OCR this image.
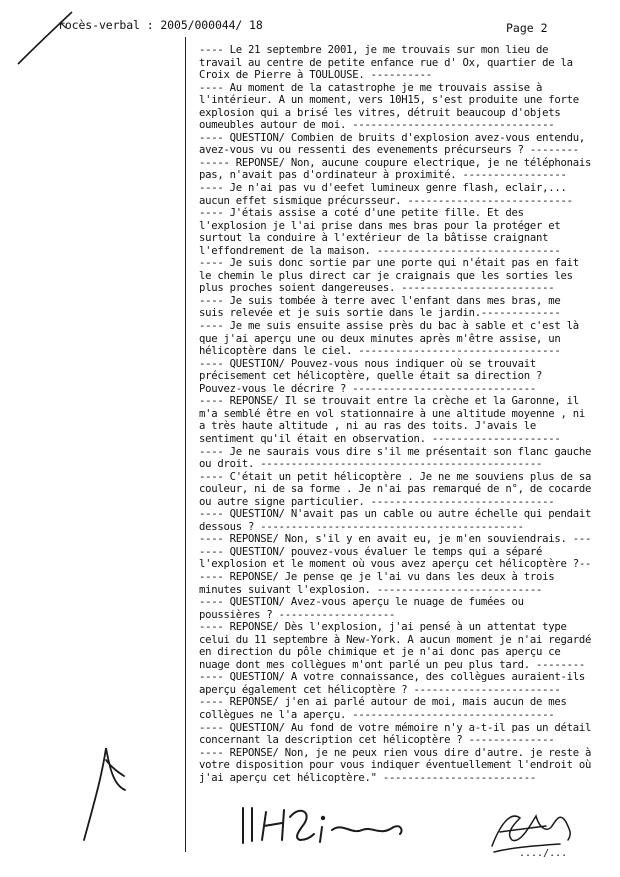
rocès-verbal : 2005/000044/ 18	Page 2
---- Le 21 septembre 2001, je me trouvais sur mon lieu de
travail au centre de petite enfance rue d' Ox, quartier de la
Croix de Pierre à TOULOUSE. ----------
---- Au moment de la catastrophe je me trouvais assise à
l'intérieur. A un moment, vers 10H15, s'est produite une forte
explosion qui a brisé les vitres, détruit beaucoup d'objets
oumeubles autour de moi. ---------------------------------
---- QUESTION/ Combien de bruits d'explosion avez-vous entendu,
avez-vous vu ou ressenti des evenements précurseurs ? --------
----- REPONSE/ Non, aucune coupure electrique, je ne téléphonais
pas, n'avait pas d'ordinateur à proximité. -----------------
---- Je n'ai pas vu d'eefet lumineux genre flash, eclair,...
aucun effet sismique précursseur. ---------------------------
---- J'étais assise a coté d'une petite fille. Et des
l'explosion je l'ai prise dans mes bras pour la protéger et
surtout la conduire à l'extérieur de la bâtisse craignant
l'effondrement de la maison. ------------------------------
---- Je suis donc sortie par une porte qui n'était pas en fait
le chemin le plus direct car je craignais que les sorties les
plus proches soient dangereuses. -------------------------
---- Je suis tombée à terre avec l'enfant dans mes bras, me
suis relevée et je suis sortie dans le jardin.-------------
---- Je me suis ensuite assise près du bac à sable et c'est là
que j'ai aperçu une ou deux minutes après m'être assise, un
hélicoptère dans le ciel. ---------------------------------
---- QUESTION/ Pouvez-vous nous indiquer où se trouvait
précisement cet hélicoptère, quelle était sa direction ?
Pouvez-vous le décrire ? ------------------------------
---- REPONSE/ Il se trouvait entre la crèche et la Garonne, il
m'a semblé être en vol stationnaire à une altitude moyenne , ni
a très haute altitude , ni au ras des toits. J'avais le
sentiment qu'il était en observation. ---------------------
---- Je ne saurais vous dire s'il me présentait son flanc gauche
ou droit. ----------------------------------------------
---- C'était un petit hélicoptère . Je ne me souviens plus de sa
couleur, ni de sa forme . Je n'ai pas remarqué de n°, de cocarde
ou autre signe particulier. ------------------------------
---- QUESTION/ N'avait pas un cable ou autre échelle qui pendait
dessous ? -------------------------------------------
---- REPONSE/ Non, s'il y en avait eu, je m'en souviendrais. ---
---- QUESTION/ pouvez-vous évaluer le temps qui a séparé
l'explosion et le moment où vous avez aperçu cet hélicoptère ?--
---- REPONSE/ Je pense qe je l'ai vu dans les deux à trois
minutes suivant l'explosion. ---------------------------
---- QUESTION/ Avez-vous aperçu le nuage de fumées ou
poussières ? -------------------
---- REPONSE/ Dès l'explosion, j'ai pensé à un attentat type
celui du 11 septembre à New-York. A aucun moment je n'ai regardé
en direction du pôle chimique et je n'ai donc pas aperçu ce
nuage dont mes collègues m'ont parlé un peu plus tard. --------
---- QUESTION/ A votre connaissance, des collègues auraient-ils
aperçu également cet hélicoptère ? ------------------------
---- REPONSE/ j'en ai parlé autour de moi, mais aucun de mes
collègues ne l'a aperçu. ---------------------------------
---- QUESTION/ Au fond de votre mémoire n'y a-t-il pas un détail
concernant la description cet hélicoptère ? --------------
---- REPONSE/ Non, je ne peux rien vous dire d'autre. je reste à
votre disposition pour vous indiquer éventuellement l'endroit où
j'ai aperçu cet hélicoptère." -------------------------
..../...
